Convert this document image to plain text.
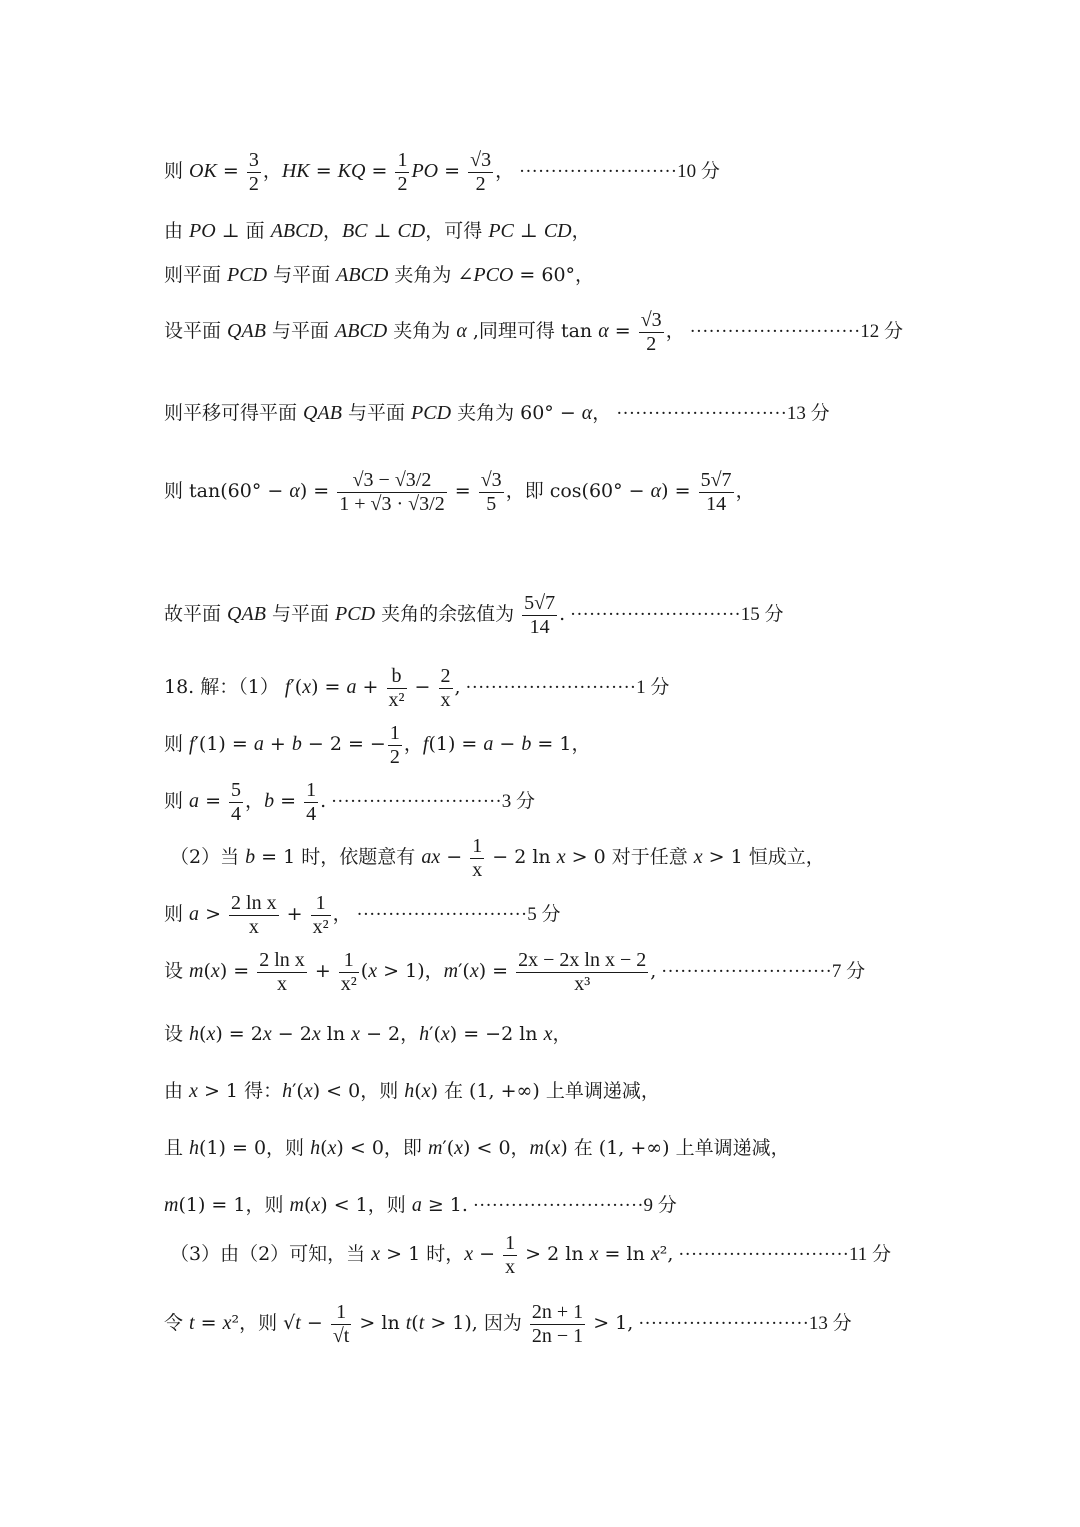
则 OK = $\frac{3}{2}$ ，HK = KQ = $\frac{1}{2}$ PO = $\frac{√3}{2}$ ， ·························10 分
由 PO ⊥ 面 ABCD，BC ⊥ CD，可得 PC ⊥ CD，
则平面 PCD 与平面 ABCD 夹角为 ∠PCO = 60°，
设平面 QAB 与平面 ABCD 夹角为 α ,同理可得 $\tan \alpha = \frac{√3}{2}$ ， ···························12 分
则平移可得平面 QAB 与平面 PCD 夹角为 60° − α， ···························13 分
则 $\tan(60^\circ - \alpha) = \frac{√3 - √3/2}{1 + √3 \cdot √3/2} = \frac{√3}{5}$ ，即 $\cos(60^\circ - \alpha) = \frac{5√7}{14}$ ，
故平面 QAB 与平面 PCD 夹角的余弦值为 $\frac{5√7}{14}$ . ···························15 分
18. 解：（1） $f'(x) = a + \frac{b}{\text{x²}} - \frac{2}{x}$ , ···························1 分
则 f′(1) = a + b − 2 = − $\frac{1}{2}$ ，f(1) = a − b = 1，
则 $a = \frac{5}{4}$ ，$b = \frac{1}{4}$ . ···························3 分
（2）当 b = 1 时，依题意有 ax − $\frac{1}{x} - 2$ ln x > 0 对于任意 x > 1 恒成立，
则 $a > \frac{\text{2 ln x}}{x} + \frac{1}{\text{x²}}$ ， ···························5 分
设 $m(x) = \frac{\text{2 ln x}}{x} + \frac{1}{\text{x²}} (x > 1)$，$m'(x) = \frac{\text{2x − 2x ln x − 2}}{\text{x³}}$ , ···························7 分
设 h(x) = 2x − 2x ln x − 2，h′(x) = −2 ln x，
由 x > 1 得：h′(x) < 0，则 h(x) 在 (1, +∞) 上单调递减，
且 h(1) = 0，则 h(x) < 0，即 m′(x) < 0，m(x) 在 (1, +∞) 上单调递减，
m(1) = 1，则 m(x) < 1，则 a ≥ 1. ···························9 分
（3）由（2）可知，当 x > 1 时，$x - \frac{1}{x} > 2$ ln x = ln x², ···························11 分
令 t = x²，则 $√t - \frac{1}{√t} > \ln t(t > 1)$, 因为 $\frac{2n + 1}{2n - 1} > 1$, ···························13 分
